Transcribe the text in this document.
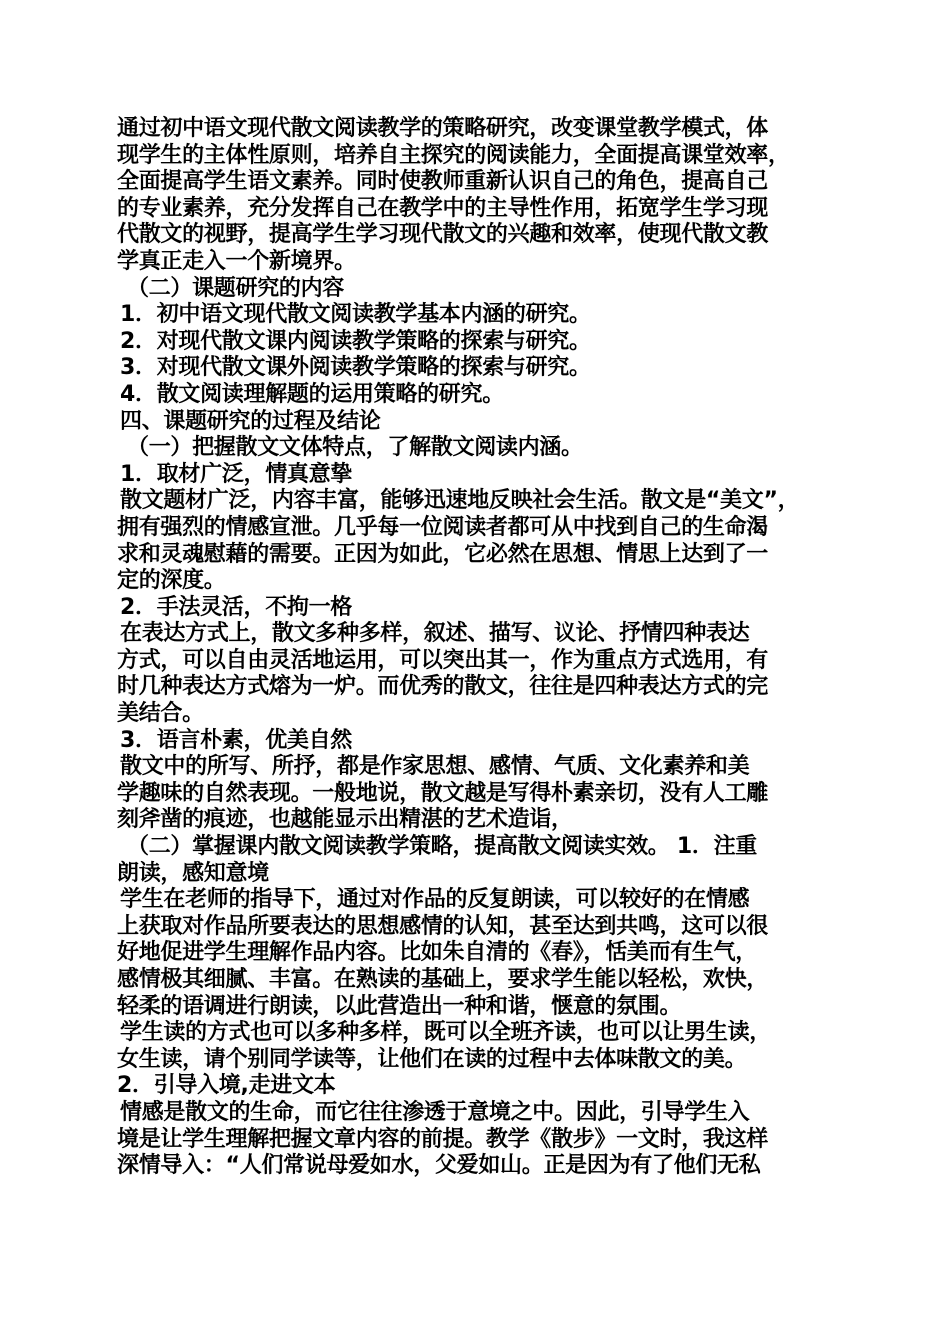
通过初中语文现代散文阅读教学的策略研究，改变课堂教学模式，体
现学生的主体性原则，培养自主探究的阅读能力，全面提高课堂效率，
全面提高学生语文素养。同时使教师重新认识自己的角色，提高自己
的专业素养，充分发挥自己在教学中的主导性作用，拓宽学生学习现
代散文的视野，提高学生学习现代散文的兴趣和效率，使现代散文教
学真正走入一个新境界。
（二）课题研究的内容
1．初中语文现代散文阅读教学基本内涵的研究。
2．对现代散文课内阅读教学策略的探索与研究。
3．对现代散文课外阅读教学策略的探索与研究。
4．散文阅读理解题的运用策略的研究。
四、课题研究的过程及结论
（一）把握散文文体特点，了解散文阅读内涵。
1．取材广泛，情真意挚
散文题材广泛，内容丰富，能够迅速地反映社会生活。散文是“美文”，
拥有强烈的情感宣泄。几乎每一位阅读者都可从中找到自己的生命渴
求和灵魂慰藉的需要。正因为如此，它必然在思想、情思上达到了一
定的深度。
2．手法灵活，不拘一格
在表达方式上，散文多种多样，叙述、描写、议论、抒情四种表达
方式，可以自由灵活地运用，可以突出其一，作为重点方式选用，有
时几种表达方式熔为一炉。而优秀的散文，往往是四种表达方式的完
美结合。
3．语言朴素，优美自然
散文中的所写、所抒，都是作家思想、感情、气质、文化素养和美
学趣味的自然表现。一般地说，散文越是写得朴素亲切，没有人工雕
刻斧凿的痕迹，也越能显示出精湛的艺术造诣，
（二）掌握课内散文阅读教学策略，提高散文阅读实效。 1．注重
朗读，感知意境
学生在老师的指导下，通过对作品的反复朗读，可以较好的在情感
上获取对作品所要表达的思想感情的认知，甚至达到共鸣，这可以很
好地促进学生理解作品内容。比如朱自清的《春》，恬美而有生气，
感情极其细腻、丰富。在熟读的基础上，要求学生能以轻松，欢快，
轻柔的语调进行朗读，以此营造出一种和谐，惬意的氛围。
学生读的方式也可以多种多样，既可以全班齐读，也可以让男生读，
女生读，请个别同学读等，让他们在读的过程中去体味散文的美。
2．引导入境,走进文本
情感是散文的生命，而它往往渗透于意境之中。因此，引导学生入
境是让学生理解把握文章内容的前提。教学《散步》一文时，我这样
深情导入：“人们常说母爱如水，父爱如山。正是因为有了他们无私
